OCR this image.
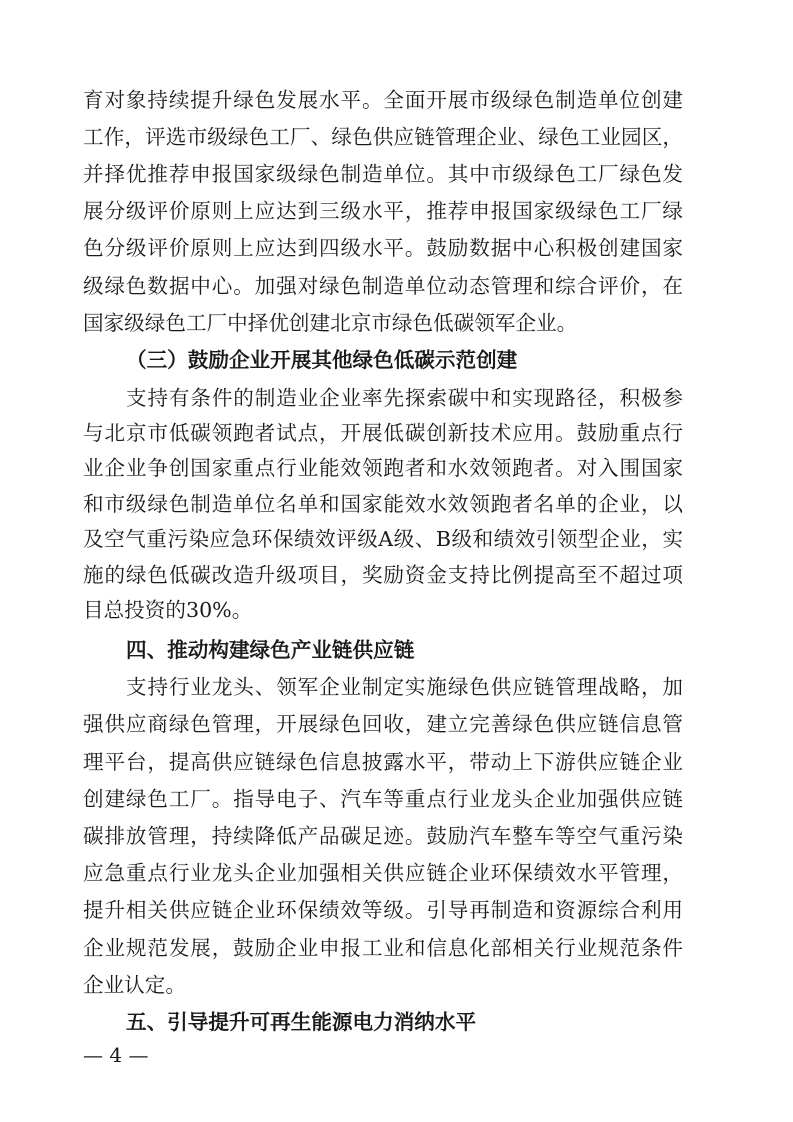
育对象持续提升绿色发展水平。全面开展市级绿色制造单位创建
工作，评选市级绿色工厂、绿色供应链管理企业、绿色工业园区，
并择优推荐申报国家级绿色制造单位。其中市级绿色工厂绿色发
展分级评价原则上应达到三级水平，推荐申报国家级绿色工厂绿
色分级评价原则上应达到四级水平。鼓励数据中心积极创建国家
级绿色数据中心。加强对绿色制造单位动态管理和综合评价，在
国家级绿色工厂中择优创建北京市绿色低碳领军企业。
（三）鼓励企业开展其他绿色低碳示范创建
支持有条件的制造业企业率先探索碳中和实现路径，积极参
与北京市低碳领跑者试点，开展低碳创新技术应用。鼓励重点行
业企业争创国家重点行业能效领跑者和水效领跑者。对入围国家
和市级绿色制造单位名单和国家能效水效领跑者名单的企业，以
及空气重污染应急环保绩效评级A级、B级和绩效引领型企业，实
施的绿色低碳改造升级项目，奖励资金支持比例提高至不超过项
目总投资的30%。
四、推动构建绿色产业链供应链
支持行业龙头、领军企业制定实施绿色供应链管理战略，加
强供应商绿色管理，开展绿色回收，建立完善绿色供应链信息管
理平台，提高供应链绿色信息披露水平，带动上下游供应链企业
创建绿色工厂。指导电子、汽车等重点行业龙头企业加强供应链
碳排放管理，持续降低产品碳足迹。鼓励汽车整车等空气重污染
应急重点行业龙头企业加强相关供应链企业环保绩效水平管理，
提升相关供应链企业环保绩效等级。引导再制造和资源综合利用
企业规范发展，鼓励企业申报工业和信息化部相关行业规范条件
企业认定。
五、引导提升可再生能源电力消纳水平
— 4 —
